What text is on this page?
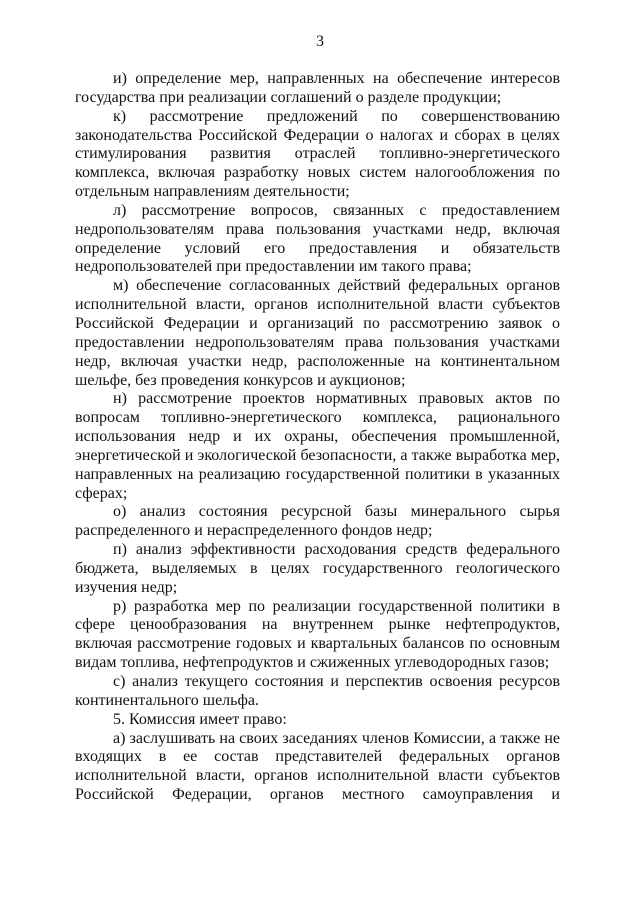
3

и) определение мер, направленных на обеспечение интересов государства при реализации соглашений о разделе продукции;

к) рассмотрение предложений по совершенствованию законодательства Российской Федерации о налогах и сборах в целях стимулирования развития отраслей топливно-энергетического комплекса, включая разработку новых систем налогообложения по отдельным направлениям деятельности;

л) рассмотрение вопросов, связанных с предоставлением недропользователям права пользования участками недр, включая определение условий его предоставления и обязательств недропользователей при предоставлении им такого права;

м) обеспечение согласованных действий федеральных органов исполнительной власти, органов исполнительной власти субъектов Российской Федерации и организаций по рассмотрению заявок о предоставлении недропользователям права пользования участками недр, включая участки недр, расположенные на континентальном шельфе, без проведения конкурсов и аукционов;

н) рассмотрение проектов нормативных правовых актов по вопросам топливно-энергетического комплекса, рационального использования недр и их охраны, обеспечения промышленной, энергетической и экологической безопасности, а также выработка мер, направленных на реализацию государственной политики в указанных сферах;

о) анализ состояния ресурсной базы минерального сырья распределенного и нераспределенного фондов недр;

п) анализ эффективности расходования средств федерального бюджета, выделяемых в целях государственного геологического изучения недр;

р) разработка мер по реализации государственной политики в сфере ценообразования на внутреннем рынке нефтепродуктов, включая рассмотрение годовых и квартальных балансов по основным видам топлива, нефтепродуктов и сжиженных углеводородных газов;

с) анализ текущего состояния и перспектив освоения ресурсов континентального шельфа.

5. Комиссия имеет право:

а) заслушивать на своих заседаниях членов Комиссии, а также не входящих в ее состав представителей федеральных органов исполнительной власти, органов исполнительной власти субъектов Российской Федерации, органов местного самоуправления и
